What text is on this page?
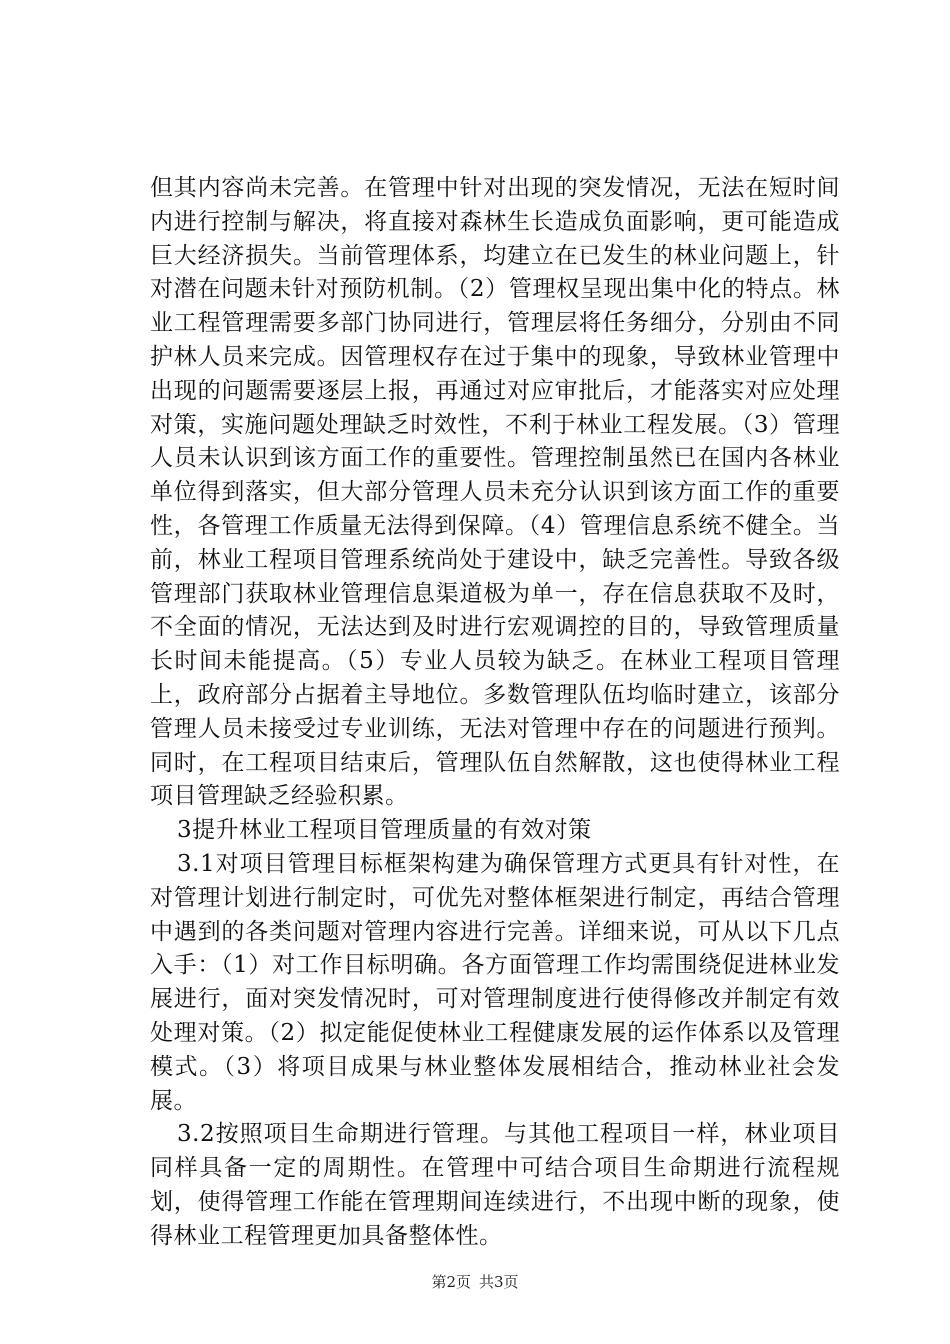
但其内容尚未完善。在管理中针对出现的突发情况，无法在短时间内进行控制与解决，将直接对森林生长造成负面影响，更可能造成巨大经济损失。当前管理体系，均建立在已发生的林业问题上，针对潜在问题未针对预防机制。（2）管理权呈现出集中化的特点。林业工程管理需要多部门协同进行，管理层将任务细分，分别由不同护林人员来完成。因管理权存在过于集中的现象，导致林业管理中出现的问题需要逐层上报，再通过对应审批后，才能落实对应处理对策，实施问题处理缺乏时效性，不利于林业工程发展。（3）管理人员未认识到该方面工作的重要性。管理控制虽然已在国内各林业单位得到落实，但大部分管理人员未充分认识到该方面工作的重要性，各管理工作质量无法得到保障。（4）管理信息系统不健全。当前，林业工程项目管理系统尚处于建设中，缺乏完善性。导致各级管理部门获取林业管理信息渠道极为单一，存在信息获取不及时，不全面的情况，无法达到及时进行宏观调控的目的，导致管理质量长时间未能提高。（5）专业人员较为缺乏。在林业工程项目管理上，政府部分占据着主导地位。多数管理队伍均临时建立，该部分管理人员未接受过专业训练，无法对管理中存在的问题进行预判。同时，在工程项目结束后，管理队伍自然解散，这也使得林业工程项目管理缺乏经验积累。

3提升林业工程项目管理质量的有效对策

3.1对项目管理目标框架构建为确保管理方式更具有针对性，在对管理计划进行制定时，可优先对整体框架进行制定，再结合管理中遇到的各类问题对管理内容进行完善。详细来说，可从以下几点入手：（1）对工作目标明确。各方面管理工作均需围绕促进林业发展进行，面对突发情况时，可对管理制度进行使得修改并制定有效处理对策。（2）拟定能促使林业工程健康发展的运作体系以及管理模式。（3）将项目成果与林业整体发展相结合，推动林业社会发展。

3.2按照项目生命期进行管理。与其他工程项目一样，林业项目同样具备一定的周期性。在管理中可结合项目生命期进行流程规划，使得管理工作能在管理期间连续进行，不出现中断的现象，使得林业工程管理更加具备整体性。

第2页 共3页
